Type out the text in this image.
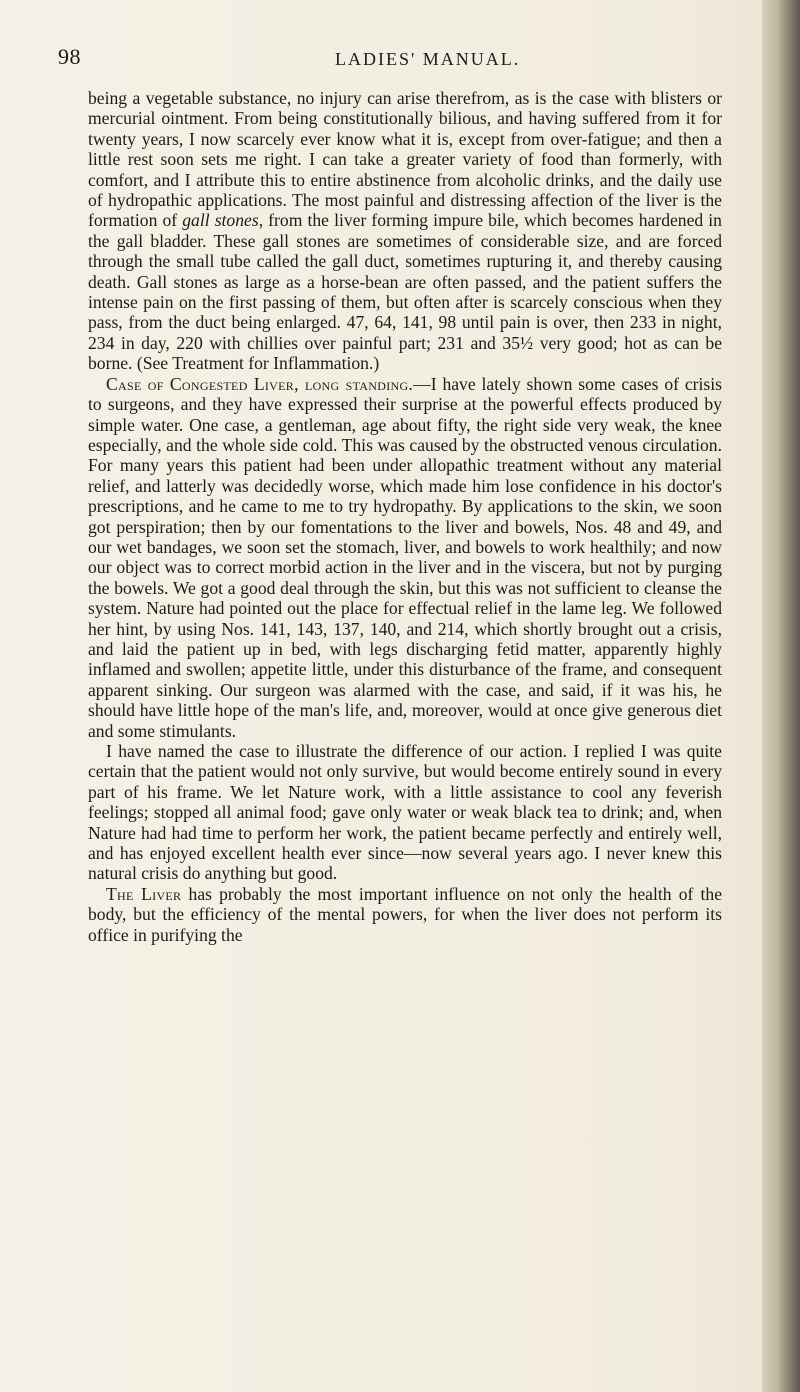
98	LADIES' MANUAL.

being a vegetable substance, no injury can arise therefrom, as is the case with blisters or mercurial ointment. From being constitutionally bilious, and having suffered from it for twenty years, I now scarcely ever know what it is, except from over-fatigue; and then a little rest soon sets me right. I can take a greater variety of food than formerly, with comfort, and I attribute this to entire abstinence from alcoholic drinks, and the daily use of hydropathic applications. The most painful and distressing affection of the liver is the formation of gall stones, from the liver forming impure bile, which becomes hardened in the gall bladder. These gall stones are sometimes of considerable size, and are forced through the small tube called the gall duct, sometimes rupturing it, and thereby causing death. Gall stones as large as a horse-bean are often passed, and the patient suffers the intense pain on the first passing of them, but often after is scarcely conscious when they pass, from the duct being enlarged. 47, 64, 141, 98 until pain is over, then 233 in night, 234 in day, 220 with chillies over painful part; 231 and 35½ very good; hot as can be borne. (See Treatment for Inflammation.)

Case of Congested Liver, long standing.—I have lately shown some cases of crisis to surgeons, and they have expressed their surprise at the powerful effects produced by simple water. One case, a gentleman, age about fifty, the right side very weak, the knee especially, and the whole side cold. This was caused by the obstructed venous circulation. For many years this patient had been under allopathic treatment without any material relief, and latterly was decidedly worse, which made him lose confidence in his doctor's prescriptions, and he came to me to try hydropathy. By applications to the skin, we soon got perspiration; then by our fomentations to the liver and bowels, Nos. 48 and 49, and our wet bandages, we soon set the stomach, liver, and bowels to work healthily; and now our object was to correct morbid action in the liver and in the viscera, but not by purging the bowels. We got a good deal through the skin, but this was not sufficient to cleanse the system. Nature had pointed out the place for effectual relief in the lame leg. We followed her hint, by using Nos. 141, 143, 137, 140, and 214, which shortly brought out a crisis, and laid the patient up in bed, with legs discharging fetid matter, apparently highly inflamed and swollen; appetite little, under this disturbance of the frame, and consequent apparent sinking. Our surgeon was alarmed with the case, and said, if it was his, he should have little hope of the man's life, and, moreover, would at once give generous diet and some stimulants.

I have named the case to illustrate the difference of our action. I replied I was quite certain that the patient would not only survive, but would become entirely sound in every part of his frame. We let Nature work, with a little assistance to cool any feverish feelings; stopped all animal food; gave only water or weak black tea to drink; and, when Nature had had time to perform her work, the patient became perfectly and entirely well, and has enjoyed excellent health ever since—now several years ago. I never knew this natural crisis do anything but good.

The Liver has probably the most important influence on not only the health of the body, but the efficiency of the mental powers, for when the liver does not perform its office in purifying the
